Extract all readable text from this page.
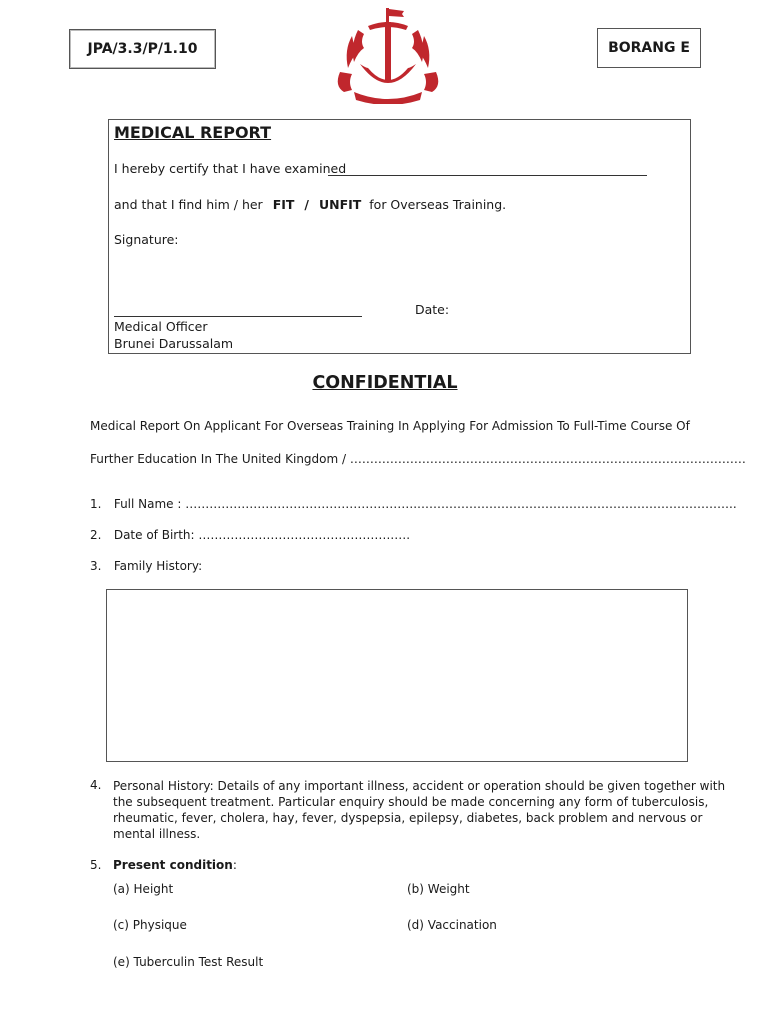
JPA/3.3/P/1.10	BORANG E
MEDICAL REPORT
I hereby certify that I have examined
and that I find him / her FIT / UNFIT for Overseas Training.
Signature:
Date:
Medical Officer
Brunei Darussalam
CONFIDENTIAL
Medical Report On Applicant For Overseas Training In Applying For Admission To Full-Time Course Of
Further Education In The United Kingdom / ………………………………………………………………………………………
1. Full Name : ………………………………………………….……………………………………………………………………..
2. Date of Birth: ………………………………………….….
3. Family History:
4. Personal History: Details of any important illness, accident or operation should be given together with
the subsequent treatment. Particular enquiry should be made concerning any form of tuberculosis,
rheumatic, fever, cholera, hay, fever, dyspepsia, epilepsy, diabetes, back problem and nervous or
mental illness.
5. Present condition:
(a) Height	(b) Weight
(c) Physique	(d) Vaccination
(e) Tuberculin Test Result
